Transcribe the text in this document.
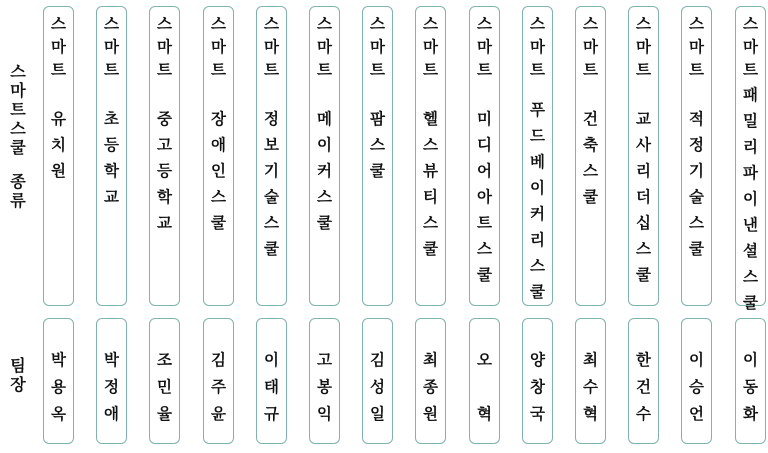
스
마
트
스
쿨

종
류
팀
장
스
마
트
유
치
원
박
용
옥
스
마
트
초
등
학
교
박
정
애
스
마
트
중
고
등
학
교
조
민
율
스
마
트
장
애
인
스
쿨
김
주
윤
스
마
트
정
보
기
술
스
쿨
이
태
규
스
마
트
메
이
커
스
쿨
고
봉
익
스
마
트
팜
스
쿨
김
성
일
스
마
트
헬
스
뷰
티
스
쿨
최
종
원
스
마
트
미
디
어
아
트
스
쿨
오

혁
스
마
트
푸
드
베
이
커
리
스
쿨
양
창
국
스
마
트
건
축
스
쿨
최
수
혁
스
마
트
교
사
리
더
십
스
쿨
한
건
수
스
마
트
적
정
기
술
스
쿨
이
승
언
스
마
트
패
밀
리
파
이
낸
셜
스
쿨
이
동
화
